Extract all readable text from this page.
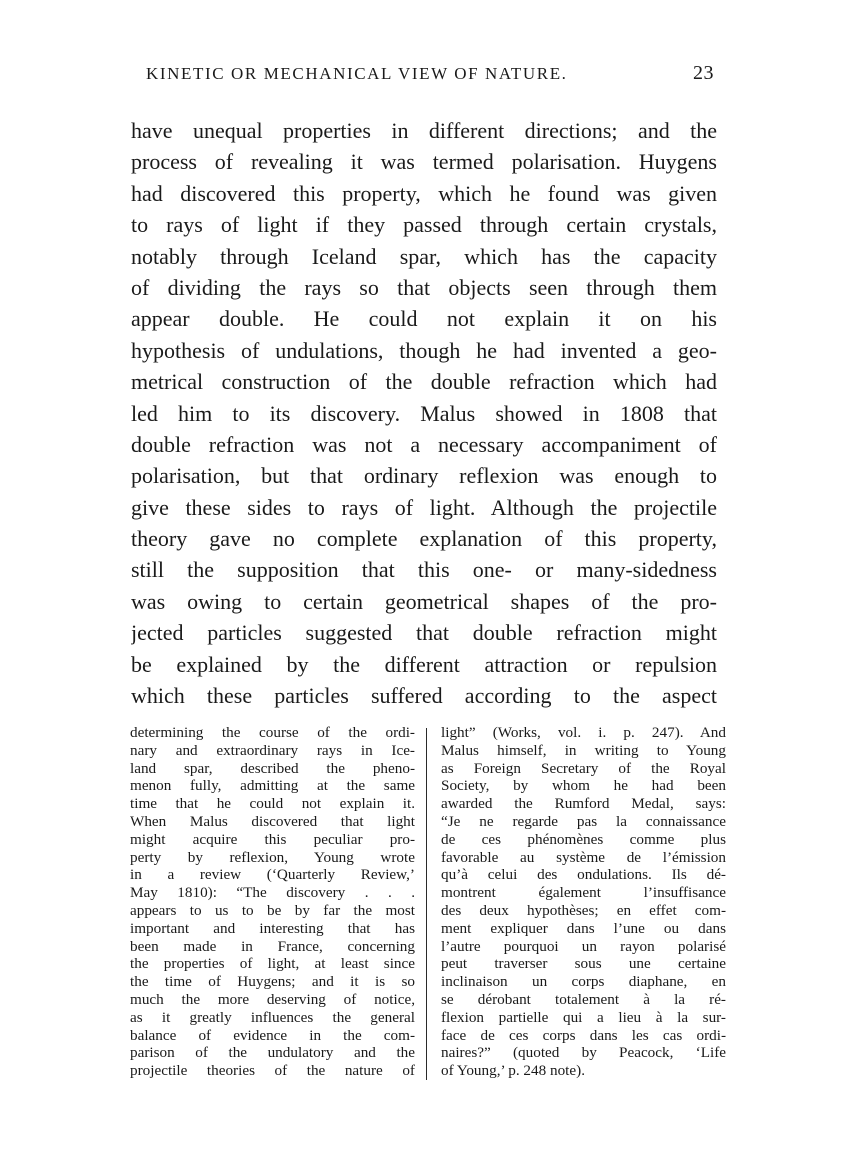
KINETIC OR MECHANICAL VIEW OF NATURE.	23
have unequal properties in different directions; and the
process of revealing it was termed polarisation. Huygens
had discovered this property, which he found was given
to rays of light if they passed through certain crystals,
notably through Iceland spar, which has the capacity
of dividing the rays so that objects seen through them
appear double. He could not explain it on his
hypothesis of undulations, though he had invented a geo-
metrical construction of the double refraction which had
led him to its discovery. Malus showed in 1808 that
double refraction was not a necessary accompaniment of
polarisation, but that ordinary reflexion was enough to
give these sides to rays of light. Although the projectile
theory gave no complete explanation of this property,
still the supposition that this one- or many-sidedness
was owing to certain geometrical shapes of the pro-
jected particles suggested that double refraction might
be explained by the different attraction or repulsion
which these particles suffered according to the aspect
determining the course of the ordi-
nary and extraordinary rays in Ice-
land spar, described the pheno-
menon fully, admitting at the same
time that he could not explain it.
When Malus discovered that light
might acquire this peculiar pro-
perty by reflexion, Young wrote
in a review (‘Quarterly Review,’
May 1810): “The discovery . . .
appears to us to be by far the most
important and interesting that has
been made in France, concerning
the properties of light, at least since
the time of Huygens; and it is so
much the more deserving of notice,
as it greatly influences the general
balance of evidence in the com-
parison of the undulatory and the
projectile theories of the nature of
light” (Works, vol. i. p. 247). And
Malus himself, in writing to Young
as Foreign Secretary of the Royal
Society, by whom he had been
awarded the Rumford Medal, says:
“Je ne regarde pas la connaissance
de ces phénomènes comme plus
favorable au système de l’émission
qu’à celui des ondulations. Ils dé-
montrent également l’insuffisance
des deux hypothèses; en effet com-
ment expliquer dans l’une ou dans
l’autre pourquoi un rayon polarisé
peut traverser sous une certaine
inclinaison un corps diaphane, en
se dérobant totalement à la ré-
flexion partielle qui a lieu à la sur-
face de ces corps dans les cas ordi-
naires?” (quoted by Peacock, ‘Life
of Young,’ p. 248 note).
